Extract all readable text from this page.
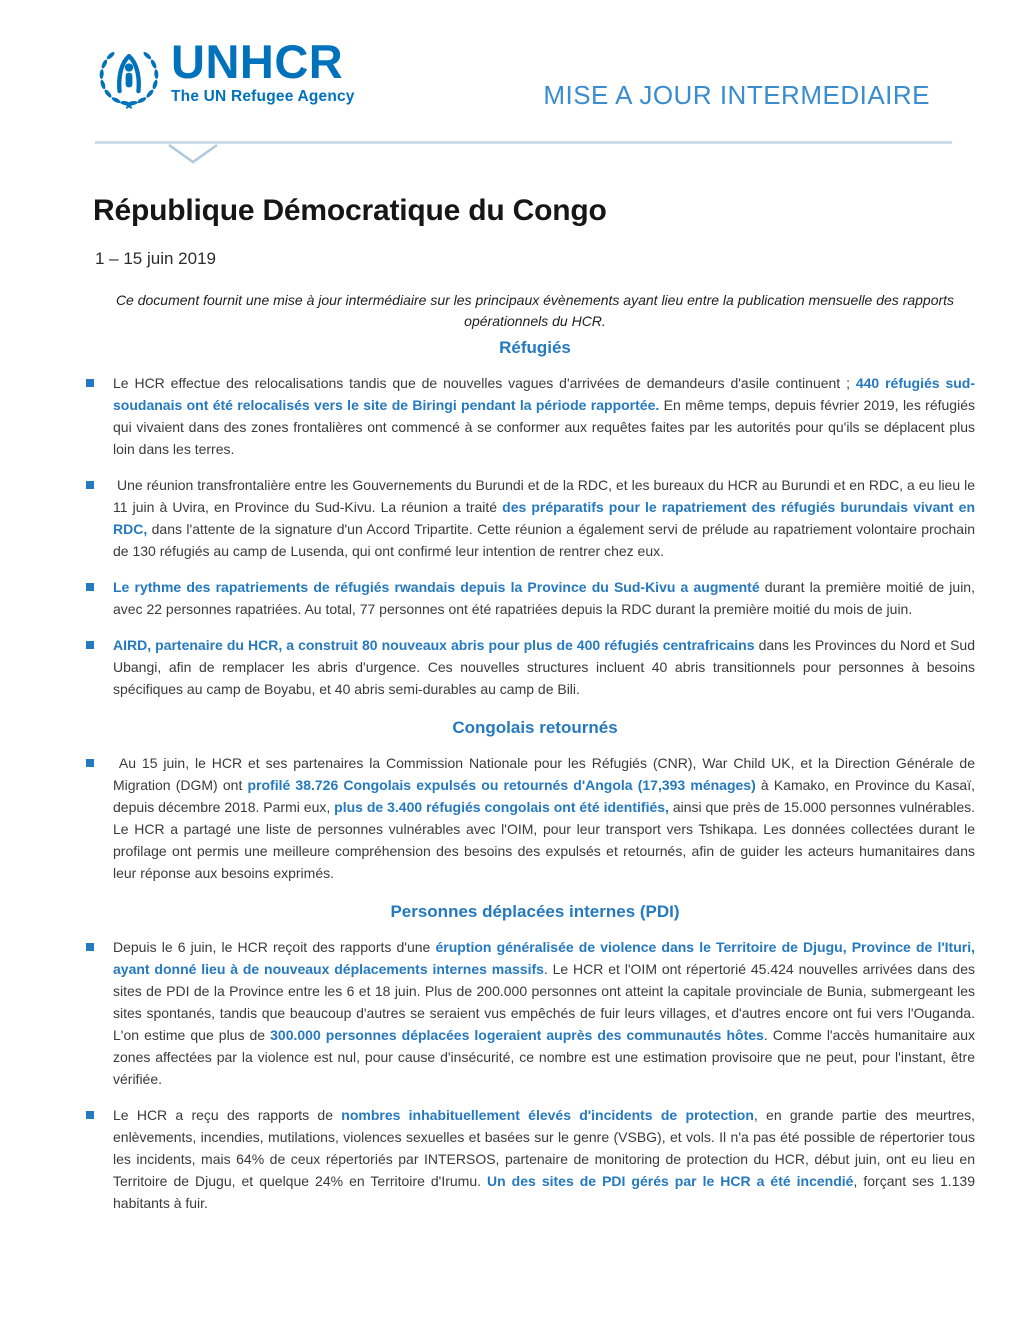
UNHCR
The UN Refugee Agency	MISE A JOUR INTERMEDIAIRE
République Démocratique du Congo
1 – 15 juin 2019
Ce document fournit une mise à jour intermédiaire sur les principaux évènements ayant lieu entre la publication mensuelle des rapports opérationnels du HCR.
Réfugiés
Le HCR effectue des relocalisations tandis que de nouvelles vagues d'arrivées de demandeurs d'asile continuent ; 440 réfugiés sud-soudanais ont été relocalisés vers le site de Biringi pendant la période rapportée. En même temps, depuis février 2019, les réfugiés qui vivaient dans des zones frontalières ont commencé à se conformer aux requêtes faites par les autorités pour qu'ils se déplacent plus loin dans les terres.
Une réunion transfrontalière entre les Gouvernements du Burundi et de la RDC, et les bureaux du HCR au Burundi et en RDC, a eu lieu le 11 juin à Uvira, en Province du Sud-Kivu. La réunion a traité des préparatifs pour le rapatriement des réfugiés burundais vivant en RDC, dans l'attente de la signature d'un Accord Tripartite. Cette réunion a également servi de prélude au rapatriement volontaire prochain de 130 réfugiés au camp de Lusenda, qui ont confirmé leur intention de rentrer chez eux.
Le rythme des rapatriements de réfugiés rwandais depuis la Province du Sud-Kivu a augmenté durant la première moitié de juin, avec 22 personnes rapatriées. Au total, 77 personnes ont été rapatriées depuis la RDC durant la première moitié du mois de juin.
AIRD, partenaire du HCR, a construit 80 nouveaux abris pour plus de 400 réfugiés centrafricains dans les Provinces du Nord et Sud Ubangi, afin de remplacer les abris d'urgence. Ces nouvelles structures incluent 40 abris transitionnels pour personnes à besoins spécifiques au camp de Boyabu, et 40 abris semi-durables au camp de Bili.
Congolais retournés
Au 15 juin, le HCR et ses partenaires la Commission Nationale pour les Réfugiés (CNR), War Child UK, et la Direction Générale de Migration (DGM) ont profilé 38.726 Congolais expulsés ou retournés d'Angola (17,393 ménages) à Kamako, en Province du Kasaï, depuis décembre 2018. Parmi eux, plus de 3.400 réfugiés congolais ont été identifiés, ainsi que près de 15.000 personnes vulnérables. Le HCR a partagé une liste de personnes vulnérables avec l'OIM, pour leur transport vers Tshikapa. Les données collectées durant le profilage ont permis une meilleure compréhension des besoins des expulsés et retournés, afin de guider les acteurs humanitaires dans leur réponse aux besoins exprimés.
Personnes déplacées internes (PDI)
Depuis le 6 juin, le HCR reçoit des rapports d'une éruption généralisée de violence dans le Territoire de Djugu, Province de l'Ituri, ayant donné lieu à de nouveaux déplacements internes massifs. Le HCR et l'OIM ont répertorié 45.424 nouvelles arrivées dans des sites de PDI de la Province entre les 6 et 18 juin. Plus de 200.000 personnes ont atteint la capitale provinciale de Bunia, submergeant les sites spontanés, tandis que beaucoup d'autres se seraient vus empêchés de fuir leurs villages, et d'autres encore ont fui vers l'Ouganda. L'on estime que plus de 300.000 personnes déplacées logeraient auprès des communautés hôtes. Comme l'accès humanitaire aux zones affectées par la violence est nul, pour cause d'insécurité, ce nombre est une estimation provisoire que ne peut, pour l'instant, être vérifiée.
Le HCR a reçu des rapports de nombres inhabituellement élevés d'incidents de protection, en grande partie des meurtres, enlèvements, incendies, mutilations, violences sexuelles et basées sur le genre (VSBG), et vols. Il n'a pas été possible de répertorier tous les incidents, mais 64% de ceux répertoriés par INTERSOS, partenaire de monitoring de protection du HCR, début juin, ont eu lieu en Territoire de Djugu, et quelque 24% en Territoire d'Irumu. Un des sites de PDI gérés par le HCR a été incendié, forçant ses 1.139 habitants à fuir.
